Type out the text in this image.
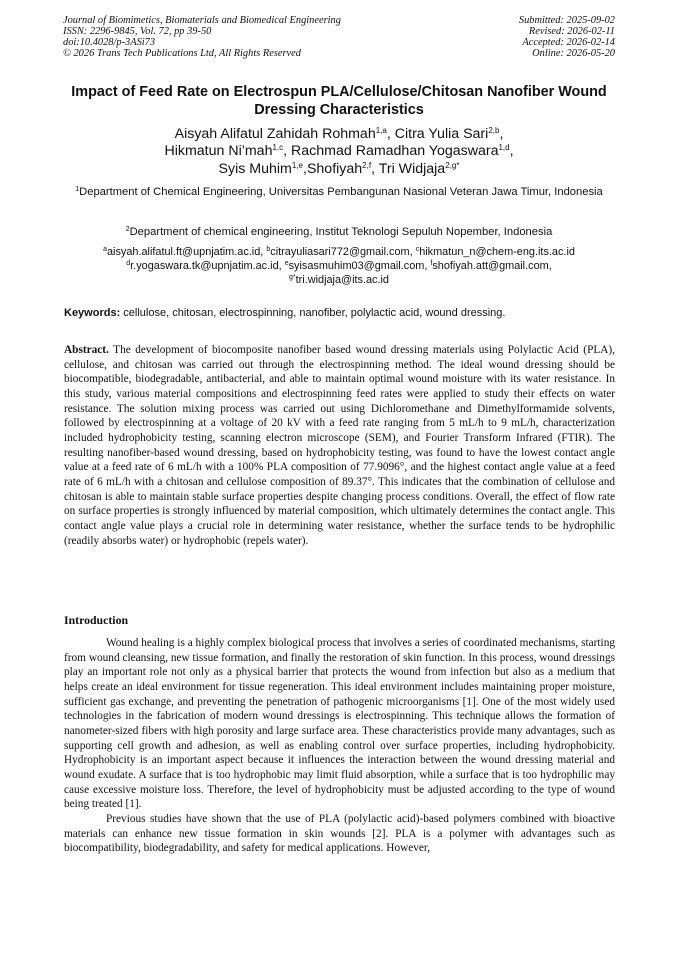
Journal of Biomimetics, Biomaterials and Biomedical Engineering
ISSN: 2296-9845, Vol. 72, pp 39-50
doi:10.4028/p-3ASi73
© 2026 Trans Tech Publications Ltd, All Rights Reserved
Submitted: 2025-09-02
Revised: 2026-02-11
Accepted: 2026-02-14
Online: 2026-05-20
Impact of Feed Rate on Electrospun PLA/Cellulose/Chitosan Nanofiber Wound Dressing Characteristics
Aisyah Alifatul Zahidah Rohmah$^{1,a}$, Citra Yulia Sari$^{2,b}$,
Hikmatun Ni’mah$^{1,c}$, Rachmad Ramadhan Yogaswara$^{1,d}$,
Syis Muhim$^{1,e}$,Shofiyah$^{2,f}$, Tri Widjaja$^{2,g*}$
$^1$Department of Chemical Engineering, Universitas Pembangunan Nasional Veteran Jawa Timur, Indonesia
$^2$Department of chemical engineering, Institut Teknologi Sepuluh Nopember, Indonesia
$^a$aisyah.alifatul.ft@upnjatim.ac.id, $^b$citrayuliasari772@gmail.com, $^c$hikmatun_n@chem-eng.its.ac.id
$^d$r.yogaswara.tk@upnjatim.ac.id, $^e$syisasmuhim03@gmail.com, $^f$shofiyah.att@gmail.com,
$^{g*}$tri.widjaja@its.ac.id
Keywords: cellulose, chitosan, electrospinning, nanofiber, polylactic acid, wound dressing.
Abstract. The development of biocomposite nanofiber based wound dressing materials using Polylactic Acid (PLA), cellulose, and chitosan was carried out through the electrospinning method. The ideal wound dressing should be biocompatible, biodegradable, antibacterial, and able to maintain optimal wound moisture with its water resistance. In this study, various material compositions and electrospinning feed rates were applied to study their effects on water resistance. The solution mixing process was carried out using Dichloromethane and Dimethylformamide solvents, followed by electrospinning at a voltage of 20 kV with a feed rate ranging from 5 mL/h to 9 mL/h, characterization included hydrophobicity testing, scanning electron microscope (SEM), and Fourier Transform Infrared (FTIR). The resulting nanofiber-based wound dressing, based on hydrophobicity testing, was found to have the lowest contact angle value at a feed rate of 6 mL/h with a 100% PLA composition of 77.9096°, and the highest contact angle value at a feed rate of 6 mL/h with a chitosan and cellulose composition of 89.37°. This indicates that the combination of cellulose and chitosan is able to maintain stable surface properties despite changing process conditions. Overall, the effect of flow rate on surface properties is strongly influenced by material composition, which ultimately determines the contact angle. This contact angle value plays a crucial role in determining water resistance, whether the surface tends to be hydrophilic (readily absorbs water) or hydrophobic (repels water).
Introduction

Wound healing is a highly complex biological process that involves a series of coordinated mechanisms, starting from wound cleansing, new tissue formation, and finally the restoration of skin function. In this process, wound dressings play an important role not only as a physical barrier that protects the wound from infection but also as a medium that helps create an ideal environment for tissue regeneration. This ideal environment includes maintaining proper moisture, sufficient gas exchange, and preventing the penetration of pathogenic microorganisms [1]. One of the most widely used technologies in the fabrication of modern wound dressings is electrospinning. This technique allows the formation of nanometer-sized fibers with high porosity and large surface area. These characteristics provide many advantages, such as supporting cell growth and adhesion, as well as enabling control over surface properties, including hydrophobicity. Hydrophobicity is an important aspect because it influences the interaction between the wound dressing material and wound exudate. A surface that is too hydrophobic may limit fluid absorption, while a surface that is too hydrophilic may cause excessive moisture loss. Therefore, the level of hydrophobicity must be adjusted according to the type of wound being treated [1].

Previous studies have shown that the use of PLA (polylactic acid)-based polymers combined with bioactive materials can enhance new tissue formation in skin wounds [2]. PLA is a polymer with advantages such as biocompatibility, biodegradability, and safety for medical applications. However,
